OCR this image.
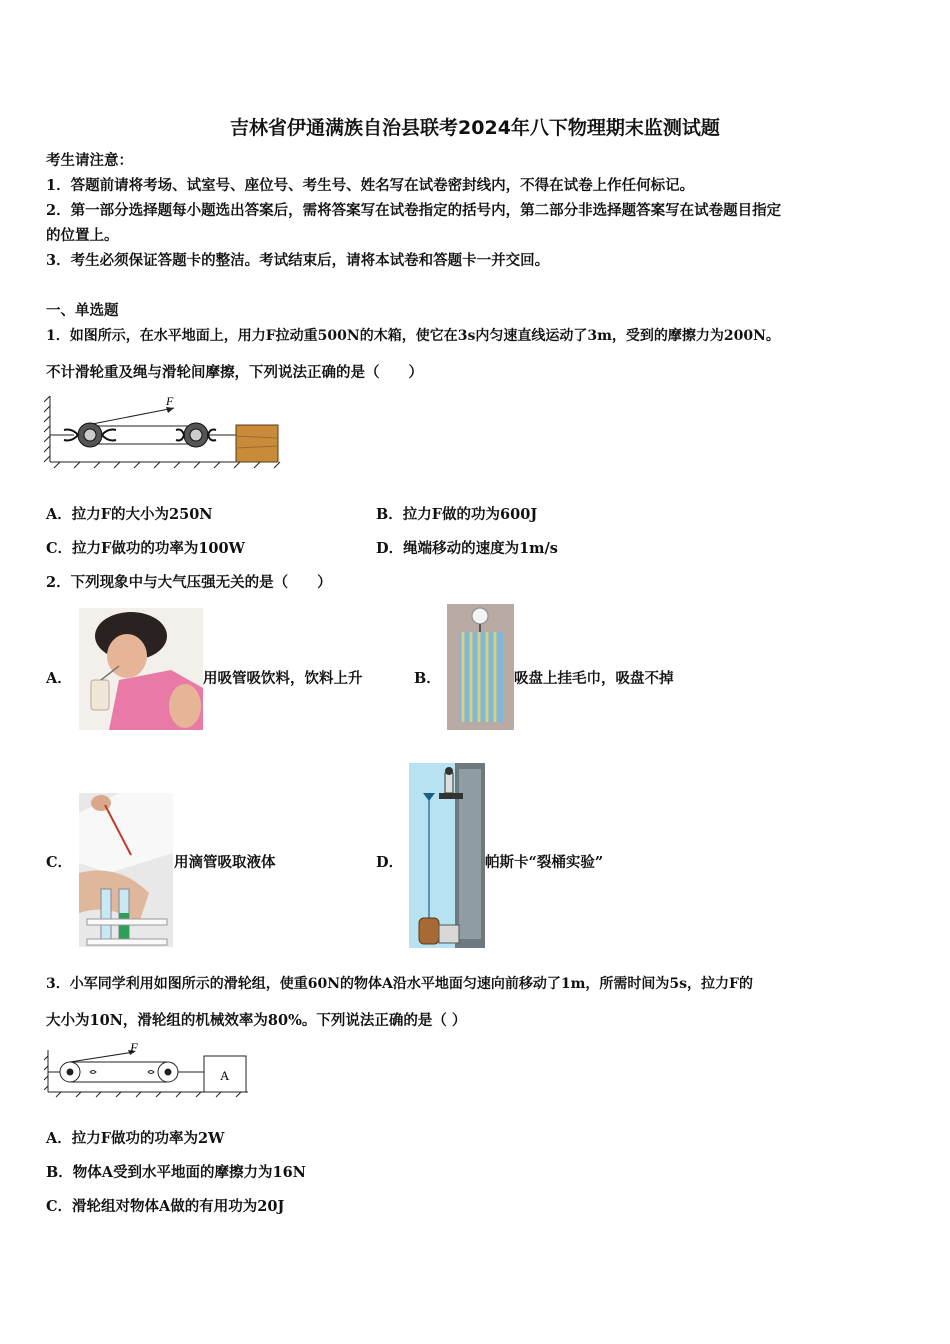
吉林省伊通满族自治县联考2024年八下物理期末监测试题
考生请注意：
1．答题前请将考场、试室号、座位号、考生号、姓名写在试卷密封线内，不得在试卷上作任何标记。
2．第一部分选择题每小题选出答案后，需将答案写在试卷指定的括号内，第二部分非选择题答案写在试卷题目指定
的位置上。
3．考生必须保证答题卡的整洁。考试结束后，请将本试卷和答题卡一并交回。
一、单选题
1．如图所示，在水平地面上，用力F拉动重500N的木箱，使它在3s内匀速直线运动了3m，受到的摩擦力为200N。
不计滑轮重及绳与滑轮间摩擦，下列说法正确的是（　　）
F
A．拉力F的大小为250N	B．拉力F做的功为600J
C．拉力F做功的功率为100W	D．绳端移动的速度为1m/s
2．下列现象中与大气压强无关的是（　　）
A．	用吸管吸饮料，饮料上升	B．	吸盘上挂毛巾，吸盘不掉
C．	用滴管吸取液体	D．	帕斯卡“裂桶实验”
3．小军同学利用如图所示的滑轮组，使重60N的物体A沿水平地面匀速向前移动了1m，所需时间为5s，拉力F的
大小为10N，滑轮组的机械效率为80%。下列说法正确的是（ ）
F
A
A．拉力F做功的功率为2W
B．物体A受到水平地面的摩擦力为16N
C．滑轮组对物体A做的有用功为20J
